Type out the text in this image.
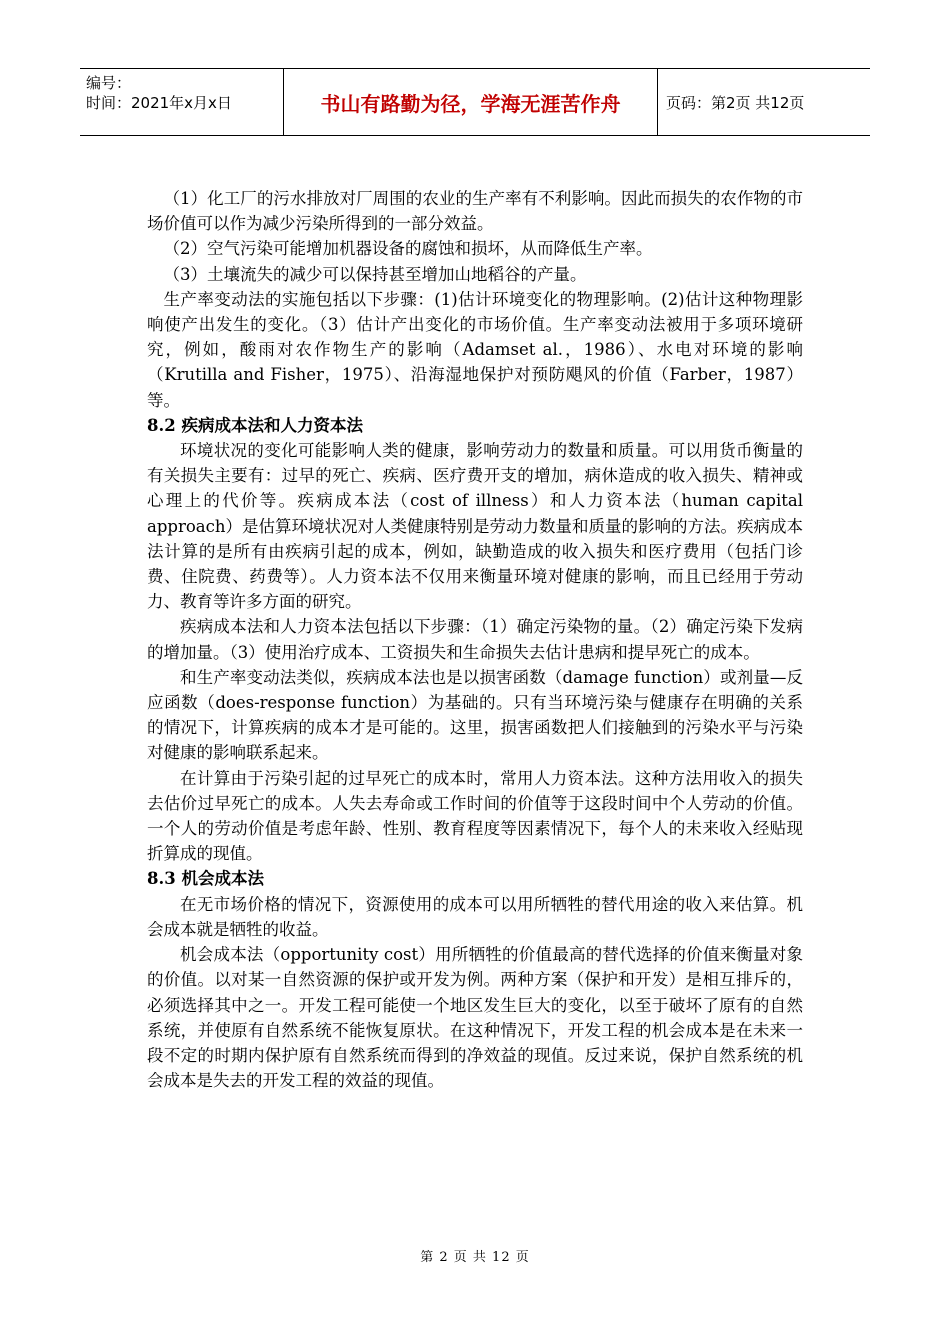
编号：
时间：2021年x月x日	书山有路勤为径，学海无涯苦作舟	页码：第2页 共12页

（1）化工厂的污水排放对厂周围的农业的生产率有不利影响。因此而损失的农作物的市场价值可以作为减少污染所得到的一部分效益。

（2）空气污染可能增加机器设备的腐蚀和损坏，从而降低生产率。

（3）土壤流失的减少可以保持甚至增加山地稻谷的产量。

生产率变动法的实施包括以下步骤：(1)估计环境变化的物理影响。(2)估计这种物理影响使产出发生的变化。（3）估计产出变化的市场价值。生产率变动法被用于多项环境研究，例如，酸雨对农作物生产的影响（Adamset al.，1986）、水电对环境的影响（Krutilla and Fisher，1975）、沿海湿地保护对预防飓风的价值（Farber，1987）等。

8.2 疾病成本法和人力资本法

环境状况的变化可能影响人类的健康，影响劳动力的数量和质量。可以用货币衡量的有关损失主要有：过早的死亡、疾病、医疗费开支的增加，病休造成的收入损失、精神或心理上的代价等。疾病成本法（cost of illness）和人力资本法（human capital approach）是估算环境状况对人类健康特别是劳动力数量和质量的影响的方法。疾病成本法计算的是所有由疾病引起的成本，例如，缺勤造成的收入损失和医疗费用（包括门诊费、住院费、药费等）。人力资本法不仅用来衡量环境对健康的影响，而且已经用于劳动力、教育等许多方面的研究。

疾病成本法和人力资本法包括以下步骤：（1）确定污染物的量。（2）确定污染下发病的增加量。（3）使用治疗成本、工资损失和生命损失去估计患病和提早死亡的成本。

和生产率变动法类似，疾病成本法也是以损害函数（damage function）或剂量—反应函数（does-response function）为基础的。只有当环境污染与健康存在明确的关系的情况下，计算疾病的成本才是可能的。这里，损害函数把人们接触到的污染水平与污染对健康的影响联系起来。

在计算由于污染引起的过早死亡的成本时，常用人力资本法。这种方法用收入的损失去估价过早死亡的成本。人失去寿命或工作时间的价值等于这段时间中个人劳动的价值。一个人的劳动价值是考虑年龄、性别、教育程度等因素情况下，每个人的未来收入经贴现折算成的现值。

8.3 机会成本法

在无市场价格的情况下，资源使用的成本可以用所牺牲的替代用途的收入来估算。机会成本就是牺牲的收益。

机会成本法（opportunity cost）用所牺牲的价值最高的替代选择的价值来衡量对象的价值。以对某一自然资源的保护或开发为例。两种方案（保护和开发）是相互排斥的，必须选择其中之一。开发工程可能使一个地区发生巨大的变化，以至于破坏了原有的自然系统，并使原有自然系统不能恢复原状。在这种情况下，开发工程的机会成本是在未来一段不定的时期内保护原有自然系统而得到的净效益的现值。反过来说，保护自然系统的机会成本是失去的开发工程的效益的现值。

第 2 页 共 12 页
